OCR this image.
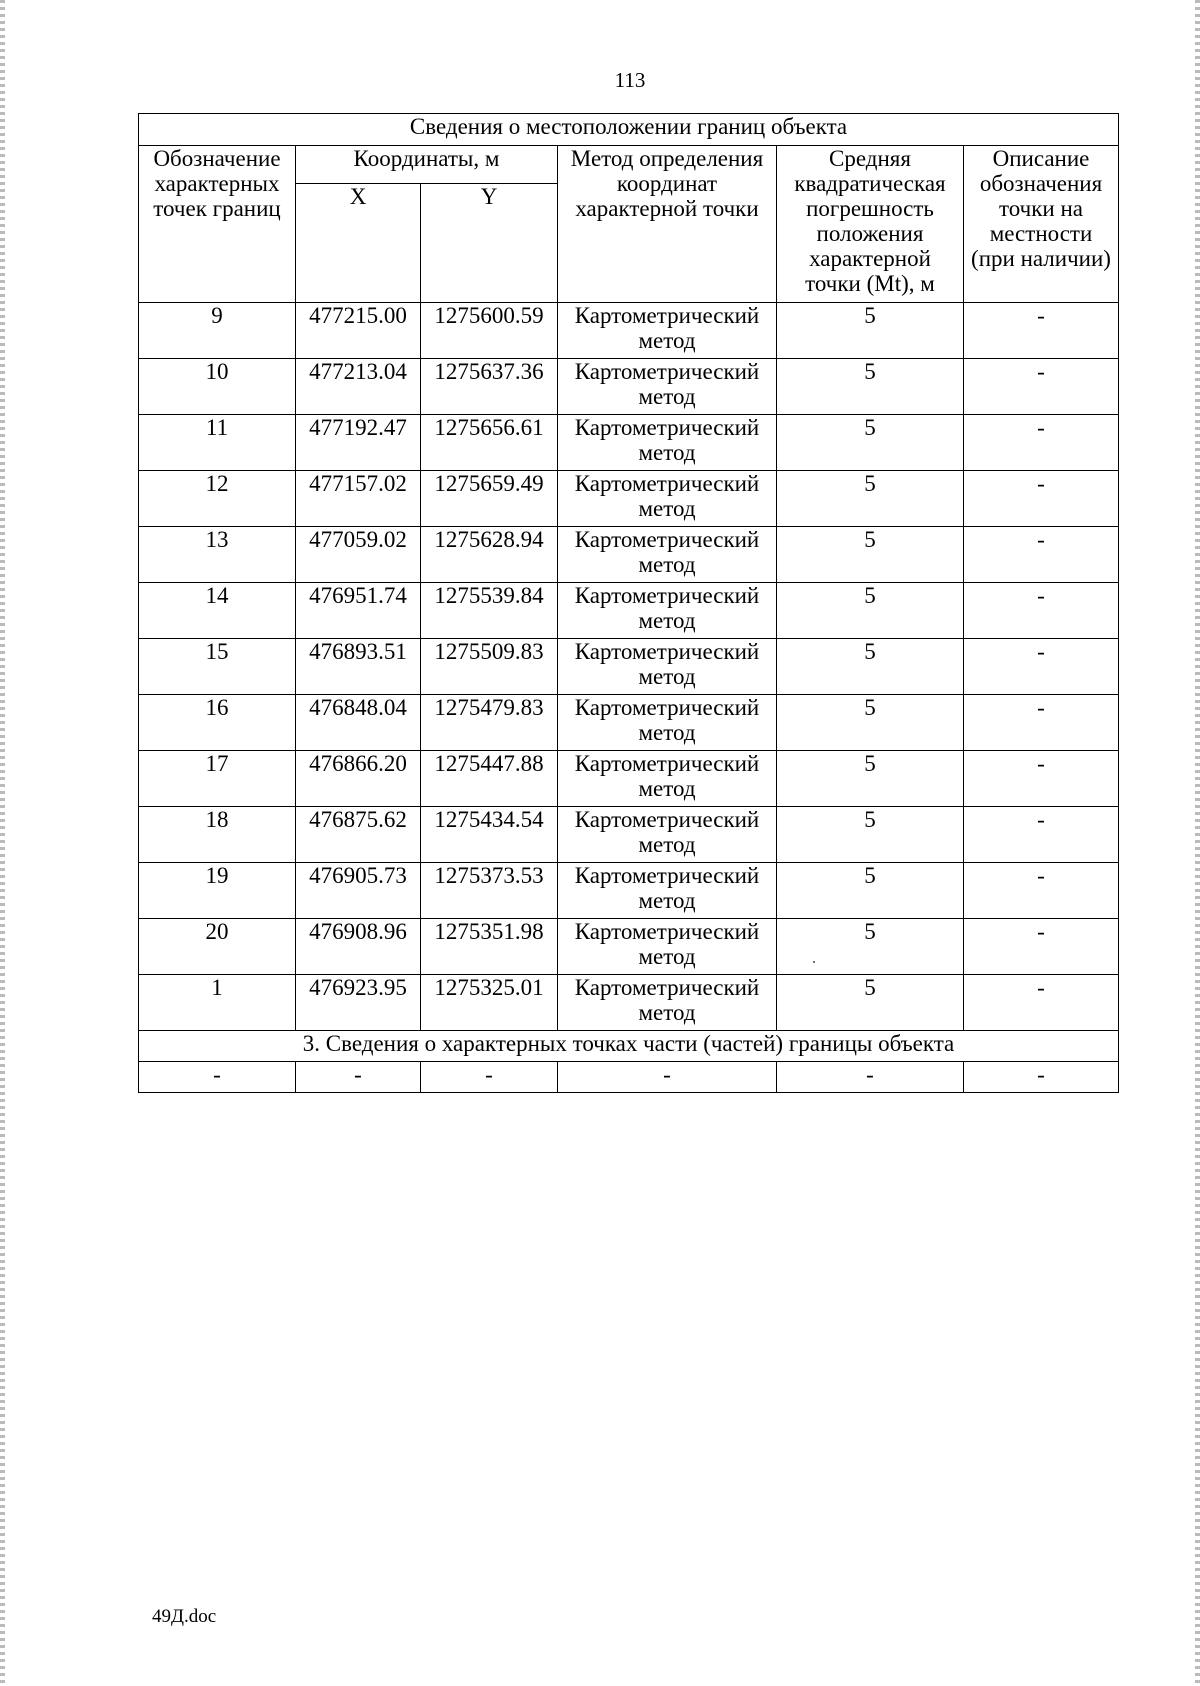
113
Сведения о местоположении границ объекта					
Обозначение характерных точек границ	Координаты, м		Метод определения координат характерной точки	Средняя квадратическая погрешность положения характерной точки (Mt), м	Описание обозначения точки на местности (при наличии)
	X	Y			
9	477215.00	1275600.59	Картометрический метод	5	-
10	477213.04	1275637.36	Картометрический метод	5	-
11	477192.47	1275656.61	Картометрический метод	5	-
12	477157.02	1275659.49	Картометрический метод	5	-
13	477059.02	1275628.94	Картометрический метод	5	-
14	476951.74	1275539.84	Картометрический метод	5	-
15	476893.51	1275509.83	Картометрический метод	5	-
16	476848.04	1275479.83	Картометрический метод	5	-
17	476866.20	1275447.88	Картометрический метод	5	-
18	476875.62	1275434.54	Картометрический метод	5	-
19	476905.73	1275373.53	Картометрический метод	5	-
20	476908.96	1275351.98	Картометрический метод	5	-
1	476923.95	1275325.01	Картометрический метод	5	-
3. Сведения о характерных точках части (частей) границы объекта					
-	-	-	-	-	-
49Д.doc
